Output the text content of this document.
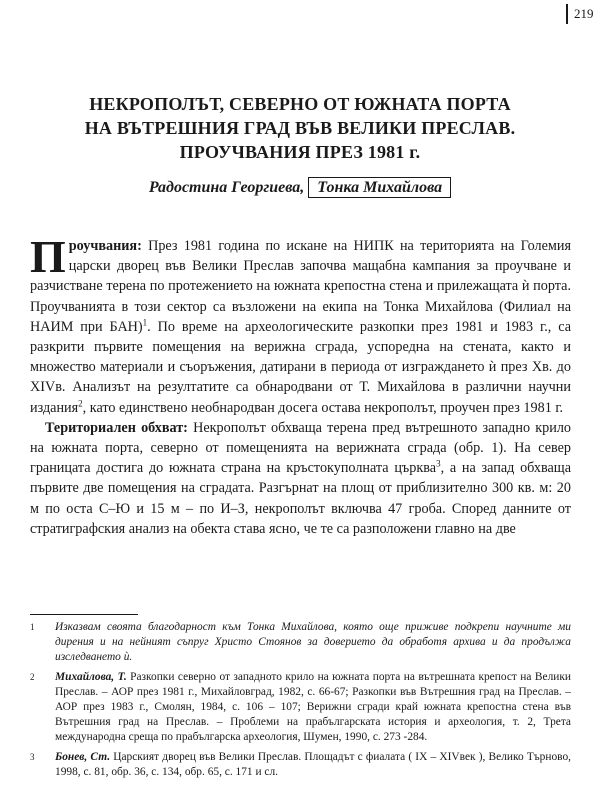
219
НЕКРОПОЛЪТ, СЕВЕРНО ОТ ЮЖНАТА ПОРТА
НА ВЪТРЕШНИЯ ГРАД ВЪВ ВЕЛИКИ ПРЕСЛАВ.
ПРОУЧВАНИЯ ПРЕЗ 1981 г.
Радостина Георгиева, Тонка Михайлова

Проучвания: През 1981 година по искане на НИПК на територията на Големия царски дворец във Велики Преслав започва мащабна кампания за проучване и разчистване терена по протежението на южната крепостна стена и прилежащата ѝ порта. Проучванията в този сектор са възложени на екипа на Тонка Михайлова (Филиал на НАИМ при БАН)$^1$. По време на археологическите разкопки през 1981 и 1983 г., са разкрити първите помещения на верижна сграда, успоредна на стената, както и множество материали и съоръжения, датирани в периода от изграждането ѝ през Хв. до XIVв. Анализът на резултатите са обнародвани от Т. Михайлова в различни научни издания$^2$, като единствено необнародван досега остава некрополът, проучен през 1981 г.

Териториален обхват: Некрополът обхваща терена пред вътрешното западно крило на южната порта, северно от помещенията на верижната сграда (обр. 1). На север границата достига до южната страна на кръстокуполната църква$^3$, а на запад обхваща първите две помещения на сградата. Разгърнат на площ от приблизително 300 кв. м: 20 м по оста С–Ю и 15 м – по И–З, некрополът включва 47 гроба. Според данните от стратиграфския анализ на обекта става ясно, че те са разположени главно на две

1 Изказвам своята благодарност към Тонка Михайлова, която още приживе подкрепи научните ми дирения и на нейният съпруг Христо Стоянов за доверието да обработя архива и да продължа изследването ѝ.
2 Михайлова, Т. Разкопки северно от западното крило на южната порта на вътрешната крепост на Велики Преслав. – АОР през 1981 г., Михайловград, 1982, с. 66-67; Разкопки във Вътрешния град на Преслав. – АОР през 1983 г., Смолян, 1984, с. 106 – 107; Верижни сгради край южната крепостна стена във Вътрешния град на Преслав. – Проблеми на прабългарската история и археология, т. 2, Трета международна среща по прабългарска археология, Шумен, 1990, с. 273 -284.
3 Бонев, Ст. Царският дворец във Велики Преслав. Площадът с фиалата ( IX – XIVвек ), Велико Търново, 1998, с. 81, обр. 36, с. 134, обр. 65, с. 171 и сл.
